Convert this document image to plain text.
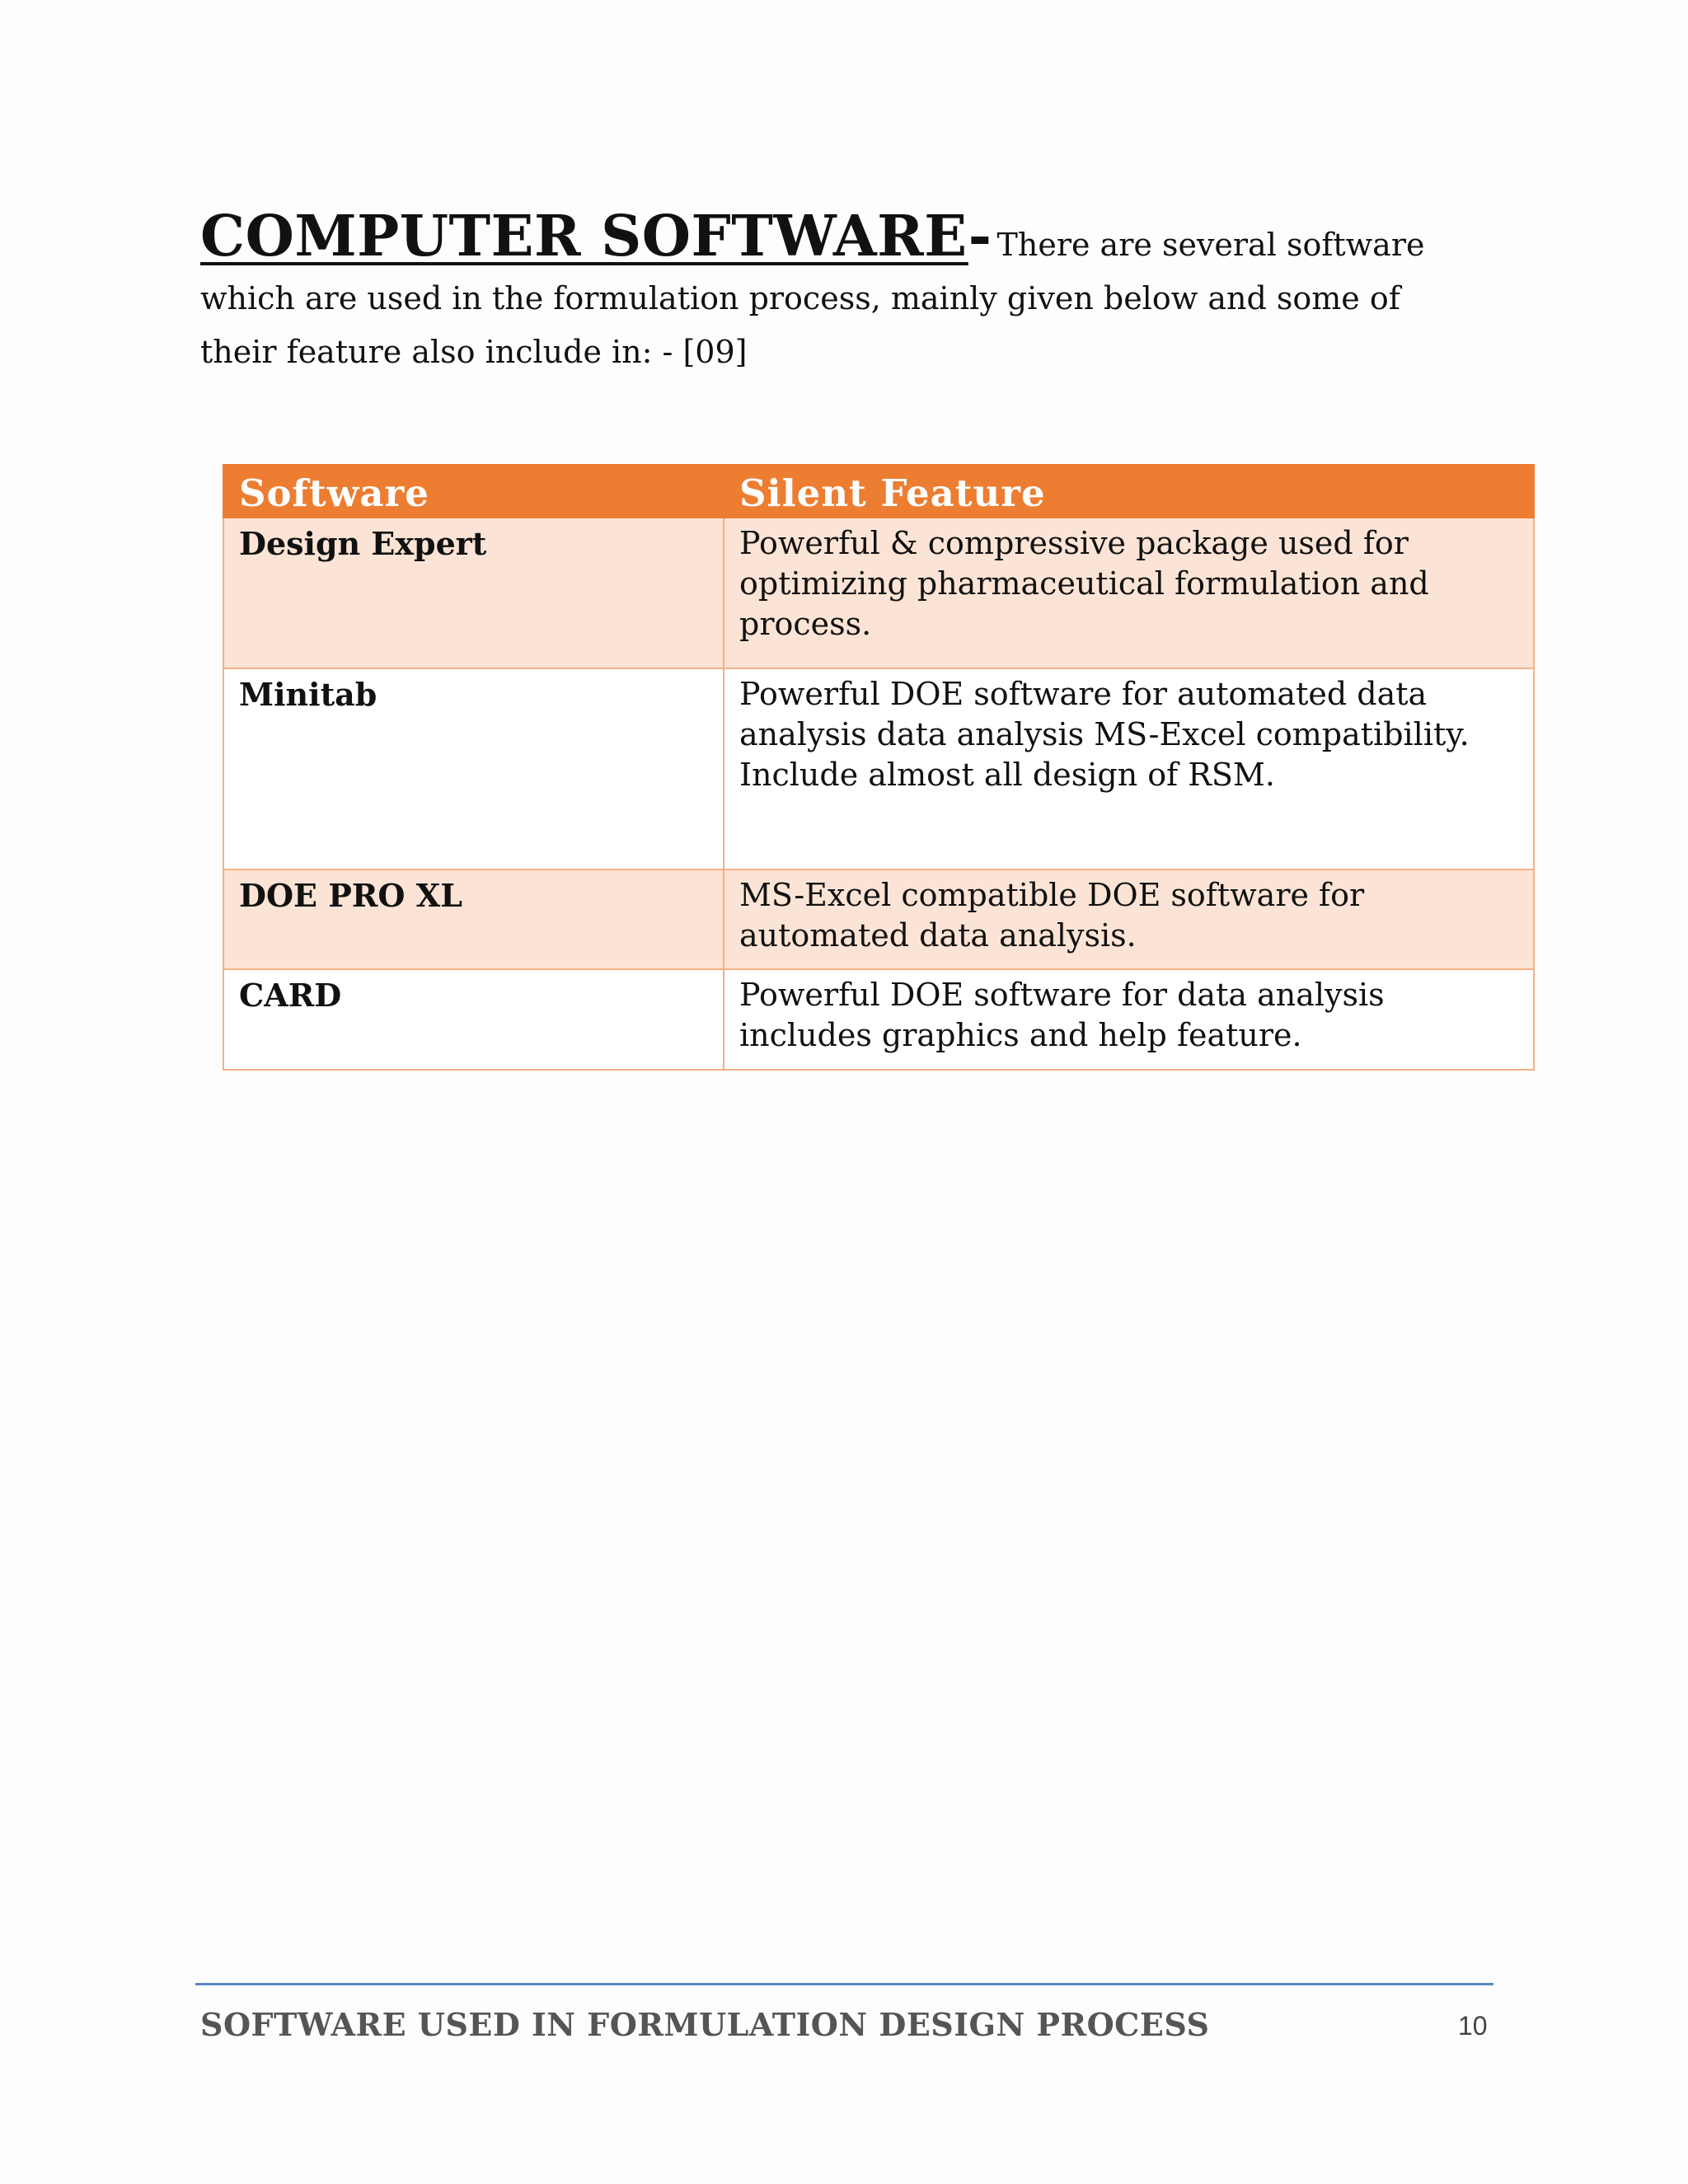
COMPUTER SOFTWARE- There are several software which are used in the formulation process, mainly given below and some of their feature also include in: - [09]
Software	Silent Feature
Design Expert	Powerful & compressive package used for optimizing pharmaceutical formulation and process.
Minitab	Powerful DOE software for automated data analysis data analysis MS-Excel compatibility. Include almost all design of RSM.
DOE PRO XL	MS-Excel compatible DOE software for automated data analysis.
CARD	Powerful DOE software for data analysis includes graphics and help feature.
SOFTWARE USED IN FORMULATION DESIGN PROCESS	10
